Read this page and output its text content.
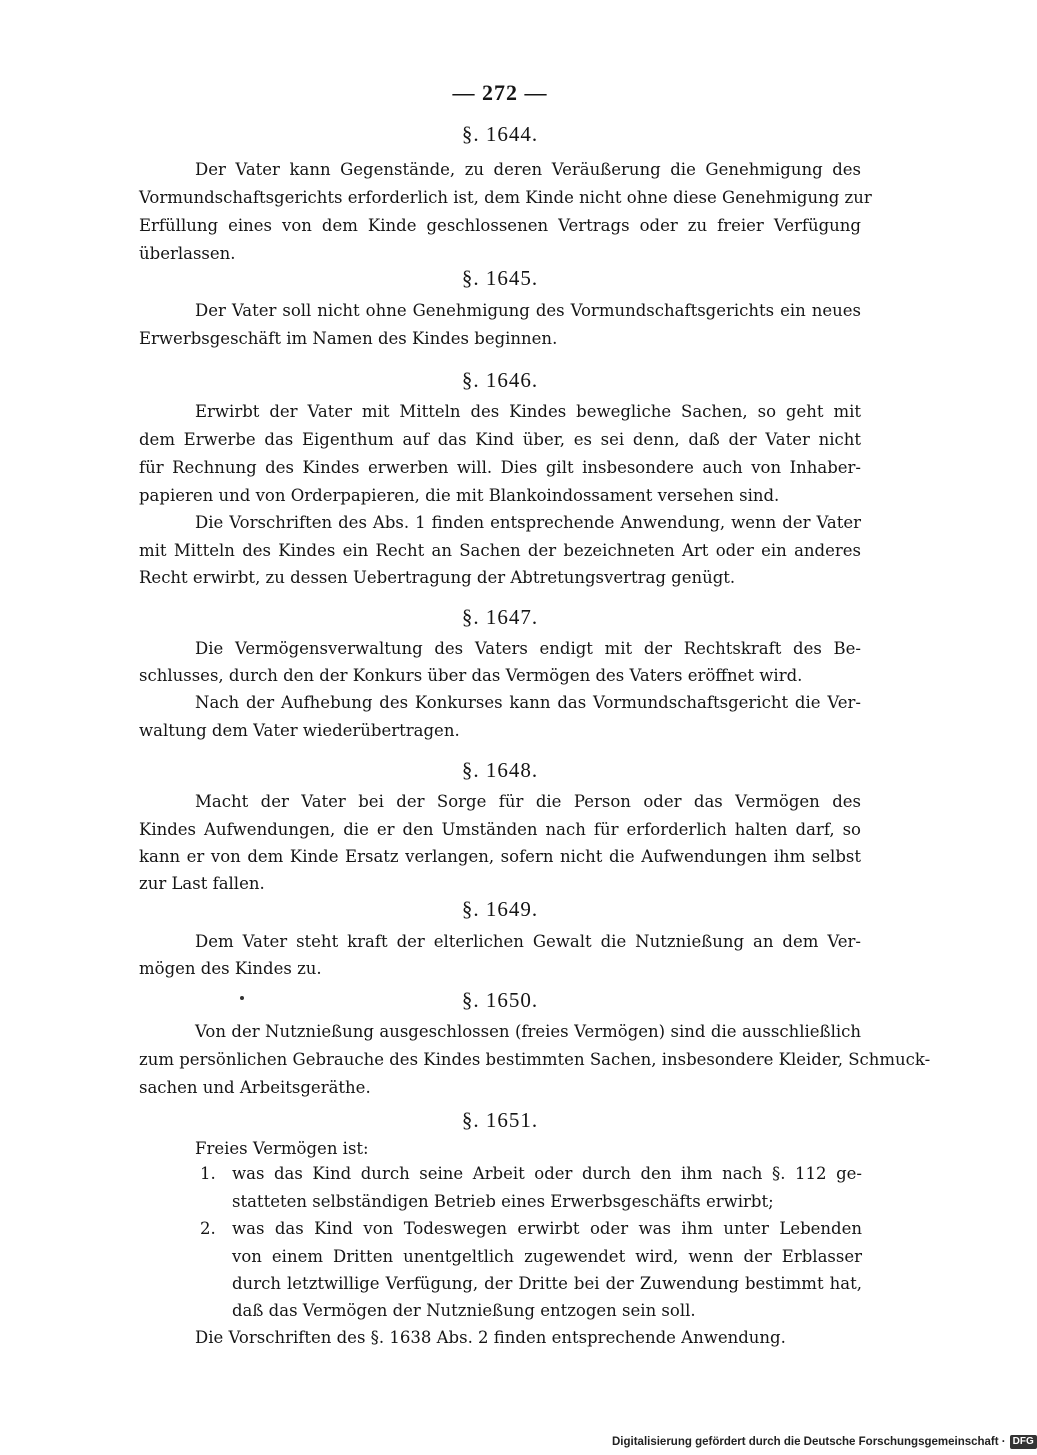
— 272 —
§. 1644.
Der Vater kann Gegenstände, zu deren Veräußerung die Genehmigung des
Vormundschaftsgerichts erforderlich ist, dem Kinde nicht ohne diese Genehmigung zur
Erfüllung eines von dem Kinde geschlossenen Vertrags oder zu freier Verfügung
überlassen.
§. 1645.
Der Vater soll nicht ohne Genehmigung des Vormundschaftsgerichts ein neues
Erwerbsgeschäft im Namen des Kindes beginnen.
§. 1646.
Erwirbt der Vater mit Mitteln des Kindes bewegliche Sachen, so geht mit
dem Erwerbe das Eigenthum auf das Kind über, es sei denn, daß der Vater nicht
für Rechnung des Kindes erwerben will. Dies gilt insbesondere auch von Inhaber-
papieren und von Orderpapieren, die mit Blankoindossament versehen sind.
Die Vorschriften des Abs. 1 finden entsprechende Anwendung, wenn der Vater
mit Mitteln des Kindes ein Recht an Sachen der bezeichneten Art oder ein anderes
Recht erwirbt, zu dessen Uebertragung der Abtretungsvertrag genügt.
§. 1647.
Die Vermögensverwaltung des Vaters endigt mit der Rechtskraft des Be-
schlusses, durch den der Konkurs über das Vermögen des Vaters eröffnet wird.
Nach der Aufhebung des Konkurses kann das Vormundschaftsgericht die Ver-
waltung dem Vater wiederübertragen.
§. 1648.
Macht der Vater bei der Sorge für die Person oder das Vermögen des
Kindes Aufwendungen, die er den Umständen nach für erforderlich halten darf, so
kann er von dem Kinde Ersatz verlangen, sofern nicht die Aufwendungen ihm selbst
zur Last fallen.
§. 1649.
Dem Vater steht kraft der elterlichen Gewalt die Nutznießung an dem Ver-
mögen des Kindes zu.
§. 1650.
Von der Nutznießung ausgeschlossen (freies Vermögen) sind die ausschließlich
zum persönlichen Gebrauche des Kindes bestimmten Sachen, insbesondere Kleider, Schmuck-
sachen und Arbeitsgeräthe.
§. 1651.
Freies Vermögen ist:
1. was das Kind durch seine Arbeit oder durch den ihm nach §. 112 ge-
statteten selbständigen Betrieb eines Erwerbsgeschäfts erwirbt;
2. was das Kind von Todeswegen erwirbt oder was ihm unter Lebenden
von einem Dritten unentgeltlich zugewendet wird, wenn der Erblasser
durch letztwillige Verfügung, der Dritte bei der Zuwendung bestimmt hat,
daß das Vermögen der Nutznießung entzogen sein soll.
Die Vorschriften des §. 1638 Abs. 2 finden entsprechende Anwendung.
Digitalisierung gefördert durch die Deutsche Forschungsgemeinschaft · DFG
